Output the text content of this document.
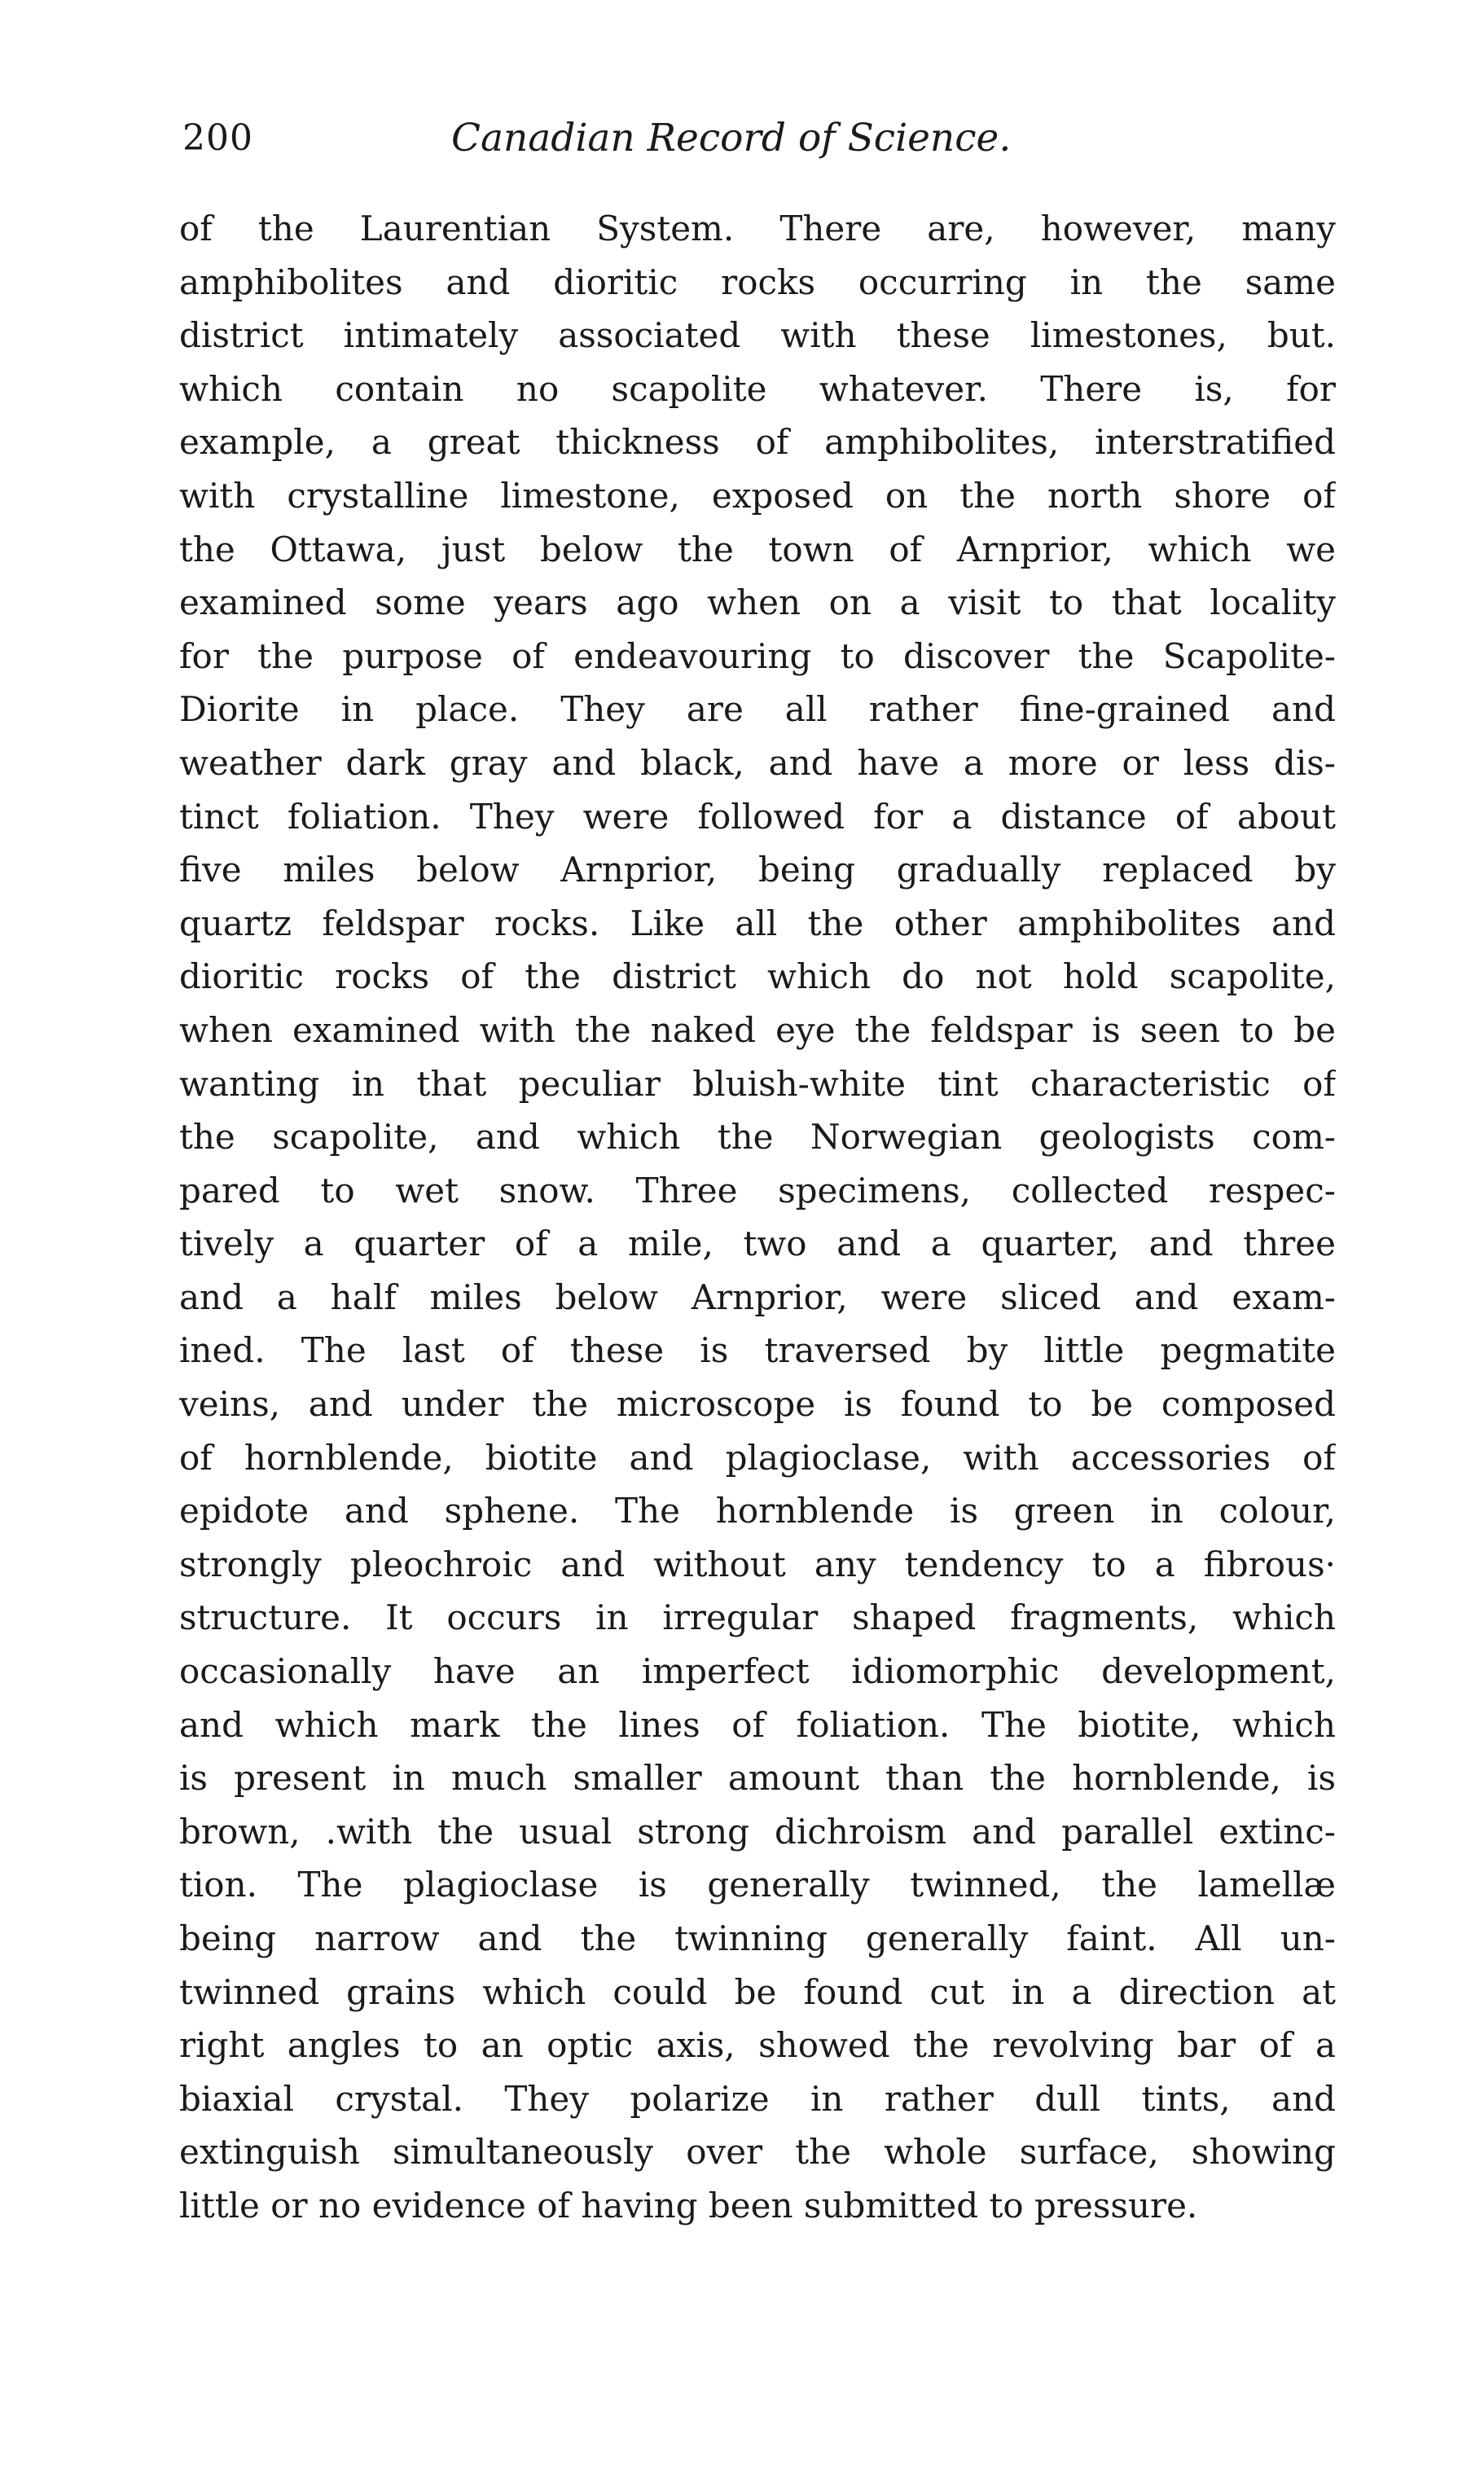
200	Canadian Record of Science.
of the Laurentian System. There are, however, many
amphibolites and dioritic rocks occurring in the same
district intimately associated with these limestones, but.
which contain no scapolite whatever. There is, for
example, a great thickness of amphibolites, interstratified
with crystalline limestone, exposed on the north shore of
the Ottawa, just below the town of Arnprior, which we
examined some years ago when on a visit to that locality
for the purpose of endeavouring to discover the Scapolite-
Diorite in place. They are all rather fine-grained and
weather dark gray and black, and have a more or less dis-
tinct foliation. They were followed for a distance of about
five miles below Arnprior, being gradually replaced by
quartz feldspar rocks. Like all the other amphibolites and
dioritic rocks of the district which do not hold scapolite,
when examined with the naked eye the feldspar is seen to be
wanting in that peculiar bluish-white tint characteristic of
the scapolite, and which the Norwegian geologists com-
pared to wet snow. Three specimens, collected respec-
tively a quarter of a mile, two and a quarter, and three
and a half miles below Arnprior, were sliced and exam-
ined. The last of these is traversed by little pegmatite
veins, and under the microscope is found to be composed
of hornblende, biotite and plagioclase, with accessories of
epidote and sphene. The hornblende is green in colour,
strongly pleochroic and without any tendency to a fibrous·
structure. It occurs in irregular shaped fragments, which
occasionally have an imperfect idiomorphic development,
and which mark the lines of foliation. The biotite, which
is present in much smaller amount than the hornblende, is
brown, .with the usual strong dichroism and parallel extinc-
tion. The plagioclase is generally twinned, the lamellæ
being narrow and the twinning generally faint. All un-
twinned grains which could be found cut in a direction at
right angles to an optic axis, showed the revolving bar of a
biaxial crystal. They polarize in rather dull tints, and
extinguish simultaneously over the whole surface, showing
little or no evidence of having been submitted to pressure.
